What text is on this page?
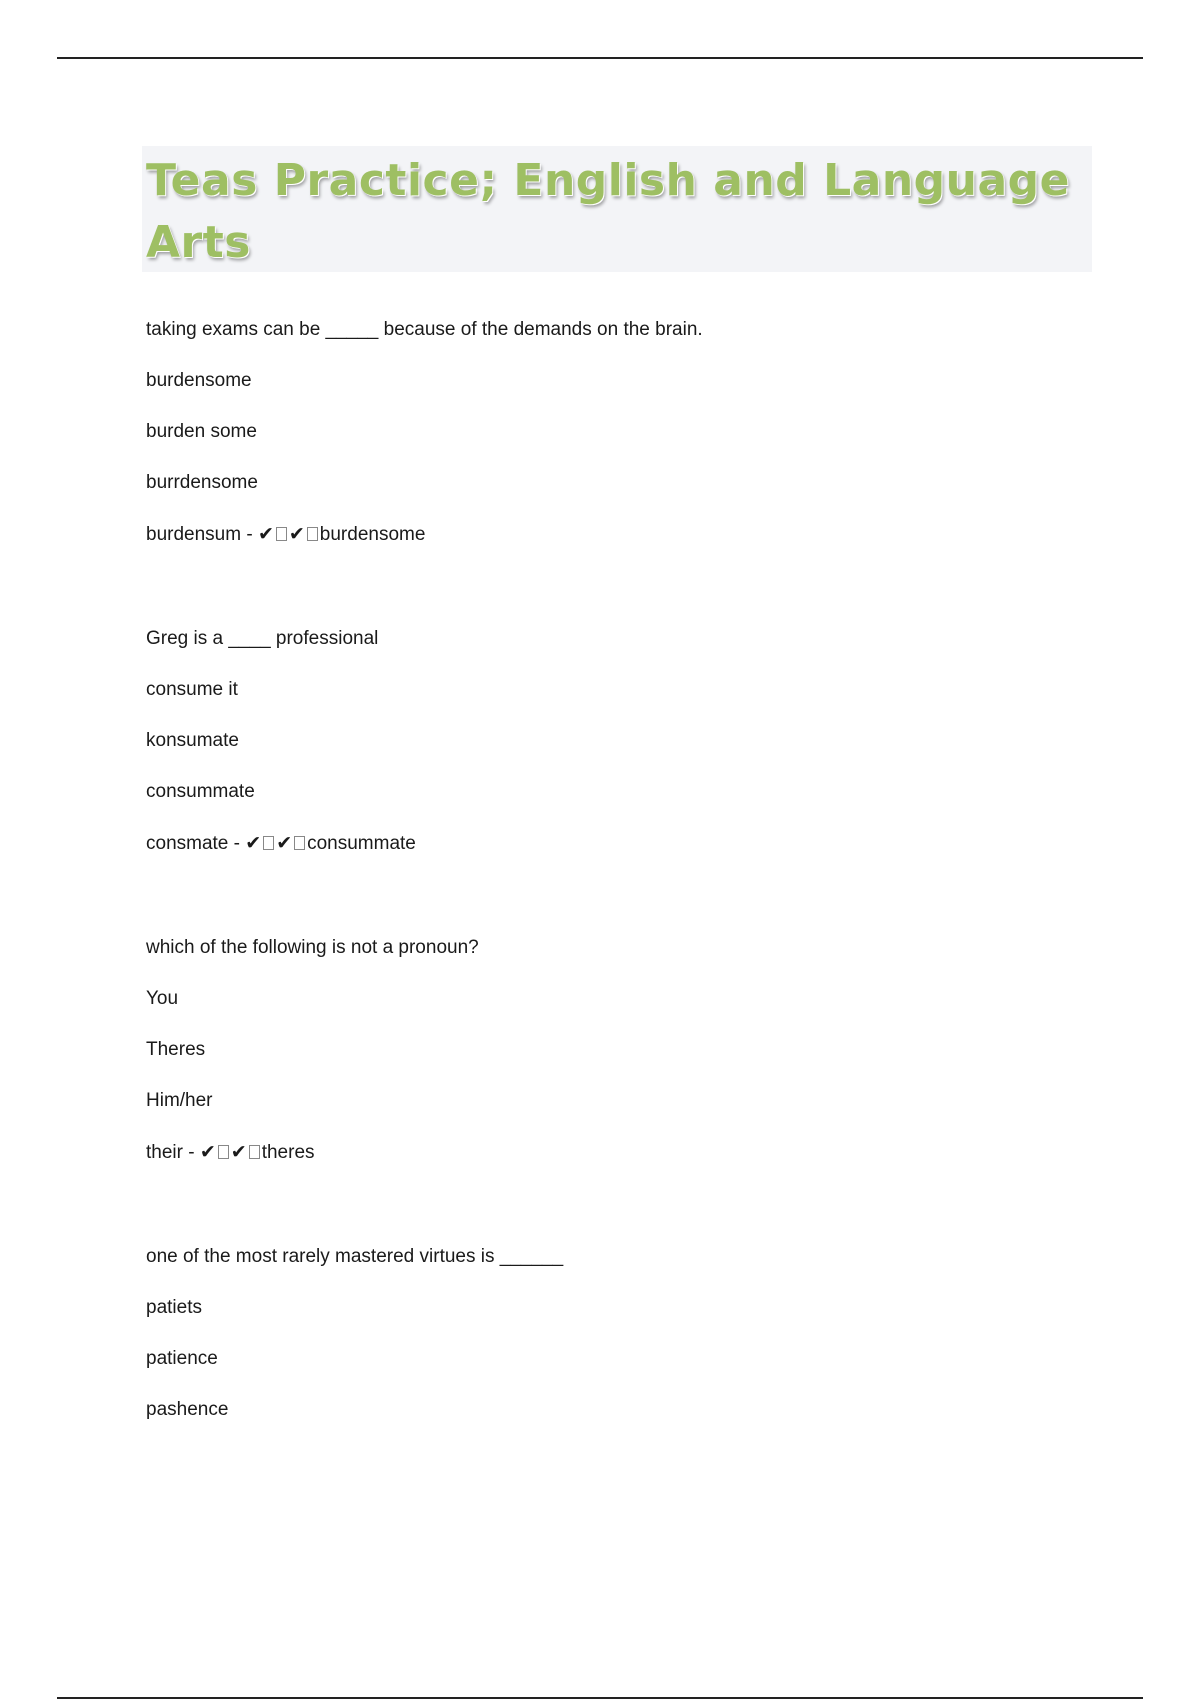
Teas Practice; English and Language Arts

taking exams can be _____ because of the demands on the brain.

burdensome

burden some

burrdensome

burdensum - ✔ ✔ burdensome

Greg is a ____ professional

consume it

konsumate

consummate

consmate - ✔ ✔ consummate

which of the following is not a pronoun?

You

Theres

Him/her

their - ✔ ✔ theres

one of the most rarely mastered virtues is ______

patiets

patience

pashence
